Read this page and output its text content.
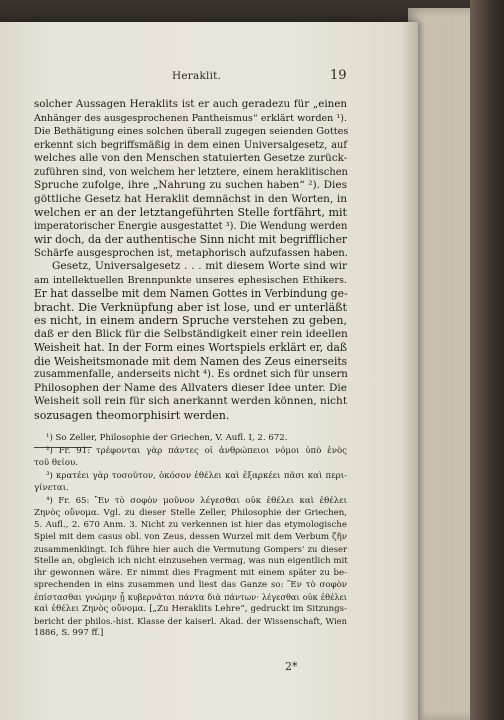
Heraklit.	19
solcher Aussagen Heraklits ist er auch geradezu für „einen
Anhänger des ausgesprochenen Pantheismus“ erklärt worden ¹).
Die Bethätigung eines solchen überall zugegen seienden Gottes
erkennt sich begriffsmäßig in dem einen Universalgesetz, auf
welches alle von den Menschen statuierten Gesetze zurück-
zuführen sind, von welchem her letztere, einem heraklitischen
Spruche zufolge, ihre „Nahrung zu suchen haben“ ²). Dies
göttliche Gesetz hat Heraklit demnächst in den Worten, in
welchen er an der letztangeführten Stelle fortfährt, mit
imperatorischer Energie ausgestattet ³). Die Wendung werden
wir doch, da der authentische Sinn nicht mit begrifflicher
Schärfe ausgesprochen ist, metaphorisch aufzufassen haben.
Gesetz, Universalgesetz . . . mit diesem Worte sind wir
am intellektuellen Brennpunkte unseres ephesischen Ethikers.
Er hat dasselbe mit dem Namen Gottes in Verbindung ge-
bracht. Die Verknüpfung aber ist lose, und er unterläßt
es nicht, in einem andern Spruche verstehen zu geben,
daß er den Blick für die Selbständigkeit einer rein ideellen
Weisheit hat. In der Form eines Wortspiels erklärt er, daß
die Weisheitsmonade mit dem Namen des Zeus einerseits
zusammenfalle, anderseits nicht ⁴). Es ordnet sich für unsern
Philosophen der Name des Allvaters dieser Idee unter. Die
Weisheit soll rein für sich anerkannt werden können, nicht
sozusagen theomorphisirt werden.
¹) So Zeller, Philosophie der Griechen, V. Aufl. I, 2. 672.
²) Fr. 91: τρέφονται γὰρ πάντες οἱ ἀνθρώπειοι νόμοι ὑπὸ ἑνὸς
τοῦ θείου.
³) κρατέει γὰρ τοσοῦτον, ὁκόσον ἐθέλει καὶ ἐξαρκέει πᾶσι καὶ περι-
γίνεται.
⁴) Fr. 65: Ἓν τὸ σοφὸν μοῦνον λέγεσθαι οὐκ ἐθέλει καὶ ἐθέλει
Ζηνὸς οὔνομα. Vgl. zu dieser Stelle Zeller, Philosophie der Griechen,
5. Aufl., 2. 670 Anm. 3. Nicht zu verkennen ist hier das etymologische
Spiel mit dem casus obl. von Zeus, dessen Wurzel mit dem Verbum ζῆν
zusammenklingt. Ich führe hier auch die Vermutung Gompers' zu dieser
Stelle an, obgleich ich nicht einzusehen vermag, was nun eigentlich mit
ihr gewonnen wäre. Er nimmt dies Fragment mit einem später zu be-
sprechenden in eins zusammen und liest das Ganze so: Ἓν τὸ σοφὸν
ἐπίστασθαι γνώμην ᾗ κυβερνᾶται πάντα διὰ πάντων· λέγεσθαι οὐκ ἐθέλει
καὶ ἐθέλει Ζηνὸς οὔνομα. [„Zu Heraklits Lehre“, gedruckt im Sitzungs-
bericht der philos.-hist. Klasse der kaiserl. Akad. der Wissenschaft, Wien
1886, S. 997 ff.]
2*
